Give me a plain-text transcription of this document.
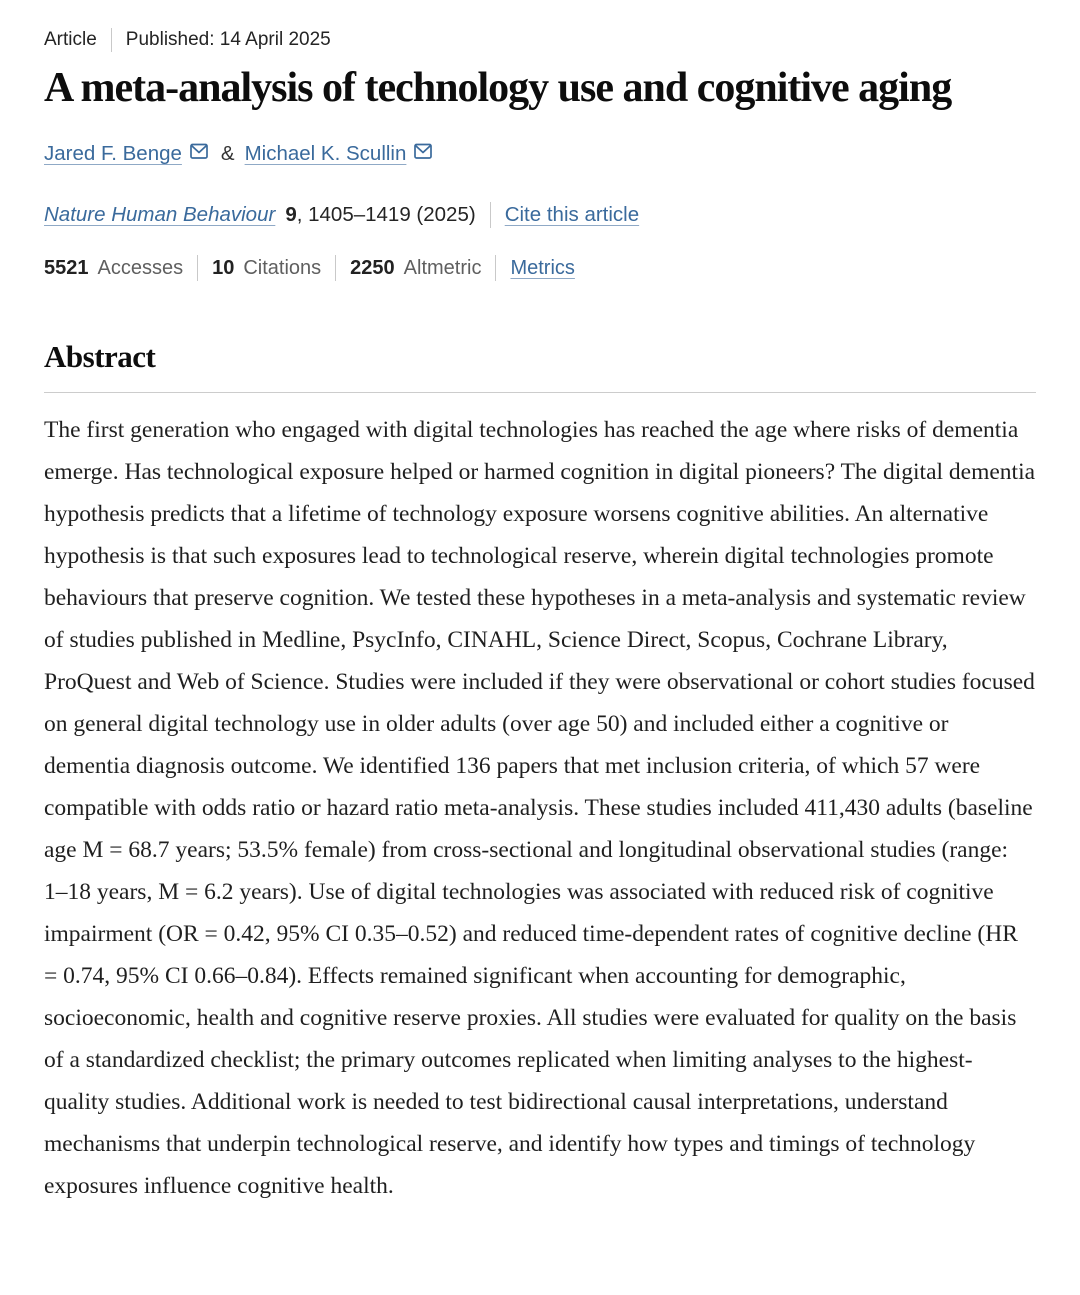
Article Published: 14 April 2025
A meta-analysis of technology use and cognitive aging
Jared F. Benge & Michael K. Scullin
Nature Human Behaviour 9 , 1405–1419 (2025) Cite this article
5521 Accesses 10 Citations 2250 Altmetric Metrics
Abstract

The first generation who engaged with digital technologies has reached the age where risks of dementia emerge. Has technological exposure helped or harmed cognition in digital pioneers? The digital dementia hypothesis predicts that a lifetime of technology exposure worsens cognitive abilities. An alternative hypothesis is that such exposures lead to technological reserve, wherein digital technologies promote behaviours that preserve cognition. We tested these hypotheses in a meta-analysis and systematic review of studies published in Medline, PsycInfo, CINAHL, Science Direct, Scopus, Cochrane Library, ProQuest and Web of Science. Studies were included if they were observational or cohort studies focused on general digital technology use in older adults (over age 50) and included either a cognitive or dementia diagnosis outcome. We identified 136 papers that met inclusion criteria, of which 57 were compatible with odds ratio or hazard ratio meta-analysis. These studies included 411,430 adults (baseline age M = 68.7 years; 53.5% female) from cross-sectional and longitudinal observational studies (range: 1–18 years, M = 6.2 years). Use of digital technologies was associated with reduced risk of cognitive impairment (OR = 0.42, 95% CI 0.35–0.52) and reduced time-dependent rates of cognitive decline (HR = 0.74, 95% CI 0.66–0.84). Effects remained significant when accounting for demographic, socioeconomic, health and cognitive reserve proxies. All studies were evaluated for quality on the basis of a standardized checklist; the primary outcomes replicated when limiting analyses to the highest-quality studies. Additional work is needed to test bidirectional causal interpretations, understand mechanisms that underpin technological reserve, and identify how types and timings of technology exposures influence cognitive health.
